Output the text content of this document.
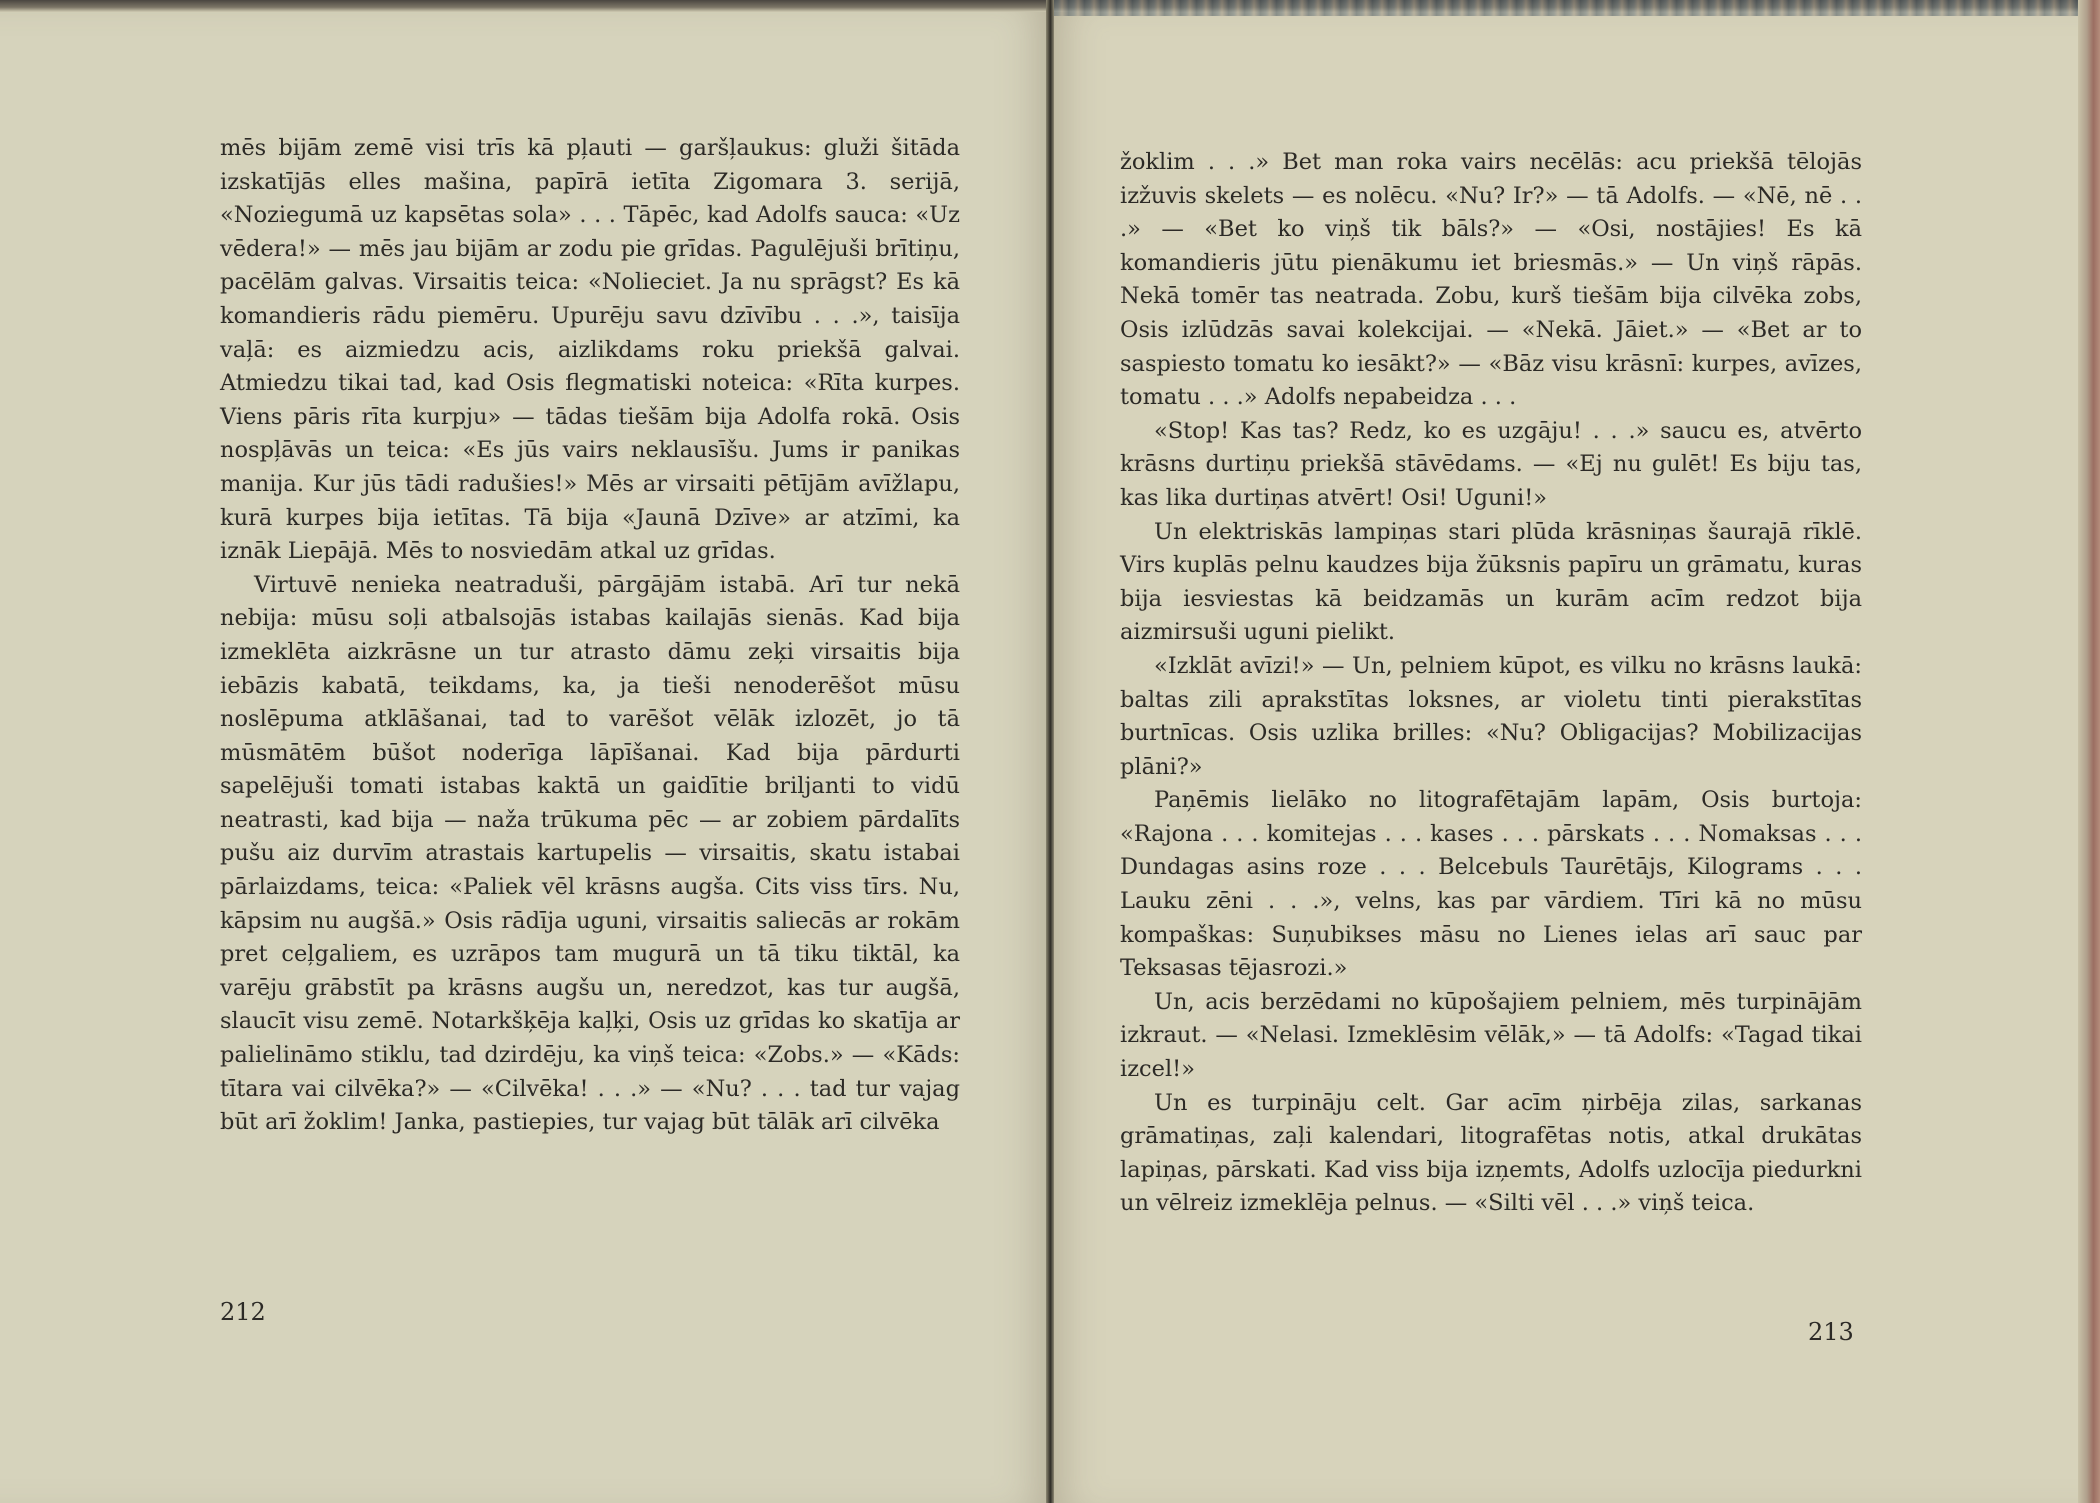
mēs bijām zemē visi trīs kā pļauti — garšļaukus: gluži šitāda izskatījās elles mašina, papīrā ietīta Zigomara 3. serijā, «Noziegumā uz kapsētas sola» . . . Tāpēc, kad Adolfs sauca: «Uz vēdera!» — mēs jau bijām ar zodu pie grīdas. Pagulējuši brītiņu, pacēlām galvas. Virsaitis teica: «Nolieciet. Ja nu sprāgst? Es kā komandieris rādu piemēru. Upurēju savu dzīvību . . .», taisīja vaļā: es aizmiedzu acis, aizlikdams roku priekšā galvai. Atmiedzu tikai tad, kad Osis flegmatiski noteica: «Rīta kurpes. Viens pāris rīta kurpju» — tādas tiešām bija Adolfa rokā. Osis nospļāvās un teica: «Es jūs vairs neklausīšu. Jums ir panikas manija. Kur jūs tādi radušies!» Mēs ar virsaiti pētījām avīžlapu, kurā kurpes bija ietītas. Tā bija «Jaunā Dzīve» ar atzīmi, ka iznāk Liepājā. Mēs to nosviedām atkal uz grīdas.

Virtuvē nenieka neatraduši, pārgājām istabā. Arī tur nekā nebija: mūsu soļi atbalsojās istabas kailajās sienās. Kad bija izmeklēta aizkrāsne un tur atrasto dāmu zeķi virsaitis bija iebāzis kabatā, teikdams, ka, ja tieši nenoderēšot mūsu noslēpuma atklāšanai, tad to varēšot vēlāk izlozēt, jo tā mūsmātēm būšot noderīga lāpīšanai. Kad bija pārdurti sapelējuši tomati istabas kaktā un gaidītie briljanti to vidū neatrasti, kad bija — naža trūkuma pēc — ar zobiem pārdalīts pušu aiz durvīm atrastais kartupelis — virsaitis, skatu istabai pārlaizdams, teica: «Paliek vēl krāsns augša. Cits viss tīrs. Nu, kāpsim nu augšā.» Osis rādīja uguni, virsaitis saliecās ar rokām pret ceļgaliem, es uzrāpos tam mugurā un tā tiku tiktāl, ka varēju grābstīt pa krāsns augšu un, neredzot, kas tur augšā, slaucīt visu zemē. Notarkšķēja kaļķi, Osis uz grīdas ko skatīja ar palielināmo stiklu, tad dzirdēju, ka viņš teica: «Zobs.» — «Kāds: tītara vai cilvēka?» — «Cilvēka! . . .» — «Nu? . . . tad tur vajag būt arī žoklim! Janka, pastiepies, tur vajag būt tālāk arī cilvēka

212

žoklim . . .» Bet man roka vairs necēlās: acu priekšā tēlojās izžuvis skelets — es nolēcu. «Nu? Ir?» — tā Adolfs. — «Nē, nē . . .» — «Bet ko viņš tik bāls?» — «Osi, nostājies! Es kā komandieris jūtu pienākumu iet briesmās.» — Un viņš rāpās. Nekā tomēr tas neatrada. Zobu, kurš tiešām bija cilvēka zobs, Osis izlūdzās savai kolekcijai. — «Nekā. Jāiet.» — «Bet ar to saspiesto tomatu ko iesākt?» — «Bāz visu krāsnī: kurpes, avīzes, tomatu . . .» Adolfs nepabeidza . . .

«Stop! Kas tas? Redz, ko es uzgāju! . . .» saucu es, atvērto krāsns durtiņu priekšā stāvēdams. — «Ej nu gulēt! Es biju tas, kas lika durtiņas atvērt! Osi! Uguni!»

Un elektriskās lampiņas stari plūda krāsniņas šaurajā rīklē. Virs kuplās pelnu kaudzes bija žūksnis papīru un grāmatu, kuras bija iesviestas kā beidzamās un kurām acīm redzot bija aizmirsuši uguni pielikt.

«Izklāt avīzi!» — Un, pelniem kūpot, es vilku no krāsns laukā: baltas zili aprakstītas loksnes, ar violetu tinti pierakstītas burtnīcas. Osis uzlika brilles: «Nu? Obligacijas? Mobilizacijas plāni?»

Paņēmis lielāko no litografētajām lapām, Osis burtoja: «Rajona . . . komitejas . . . kases . . . pārskats . . . Nomaksas . . . Dundagas asins roze . . . Belcebuls Taurētājs, Kilograms . . . Lauku zēni . . .», velns, kas par vārdiem. Tīri kā no mūsu kompaškas: Suņubikses māsu no Lienes ielas arī sauc par Teksasas tējasrozi.»

Un, acis berzēdami no kūpošajiem pelniem, mēs turpinājām izkraut. — «Nelasi. Izmeklēsim vēlāk,» — tā Adolfs: «Tagad tikai izcel!»

Un es turpināju celt. Gar acīm ņirbēja zilas, sarkanas grāmatiņas, zaļi kalendari, litografētas notis, atkal drukātas lapiņas, pārskati. Kad viss bija izņemts, Adolfs uzlocīja piedurkni un vēlreiz izmeklēja pelnus. — «Silti vēl . . .» viņš teica.

213
